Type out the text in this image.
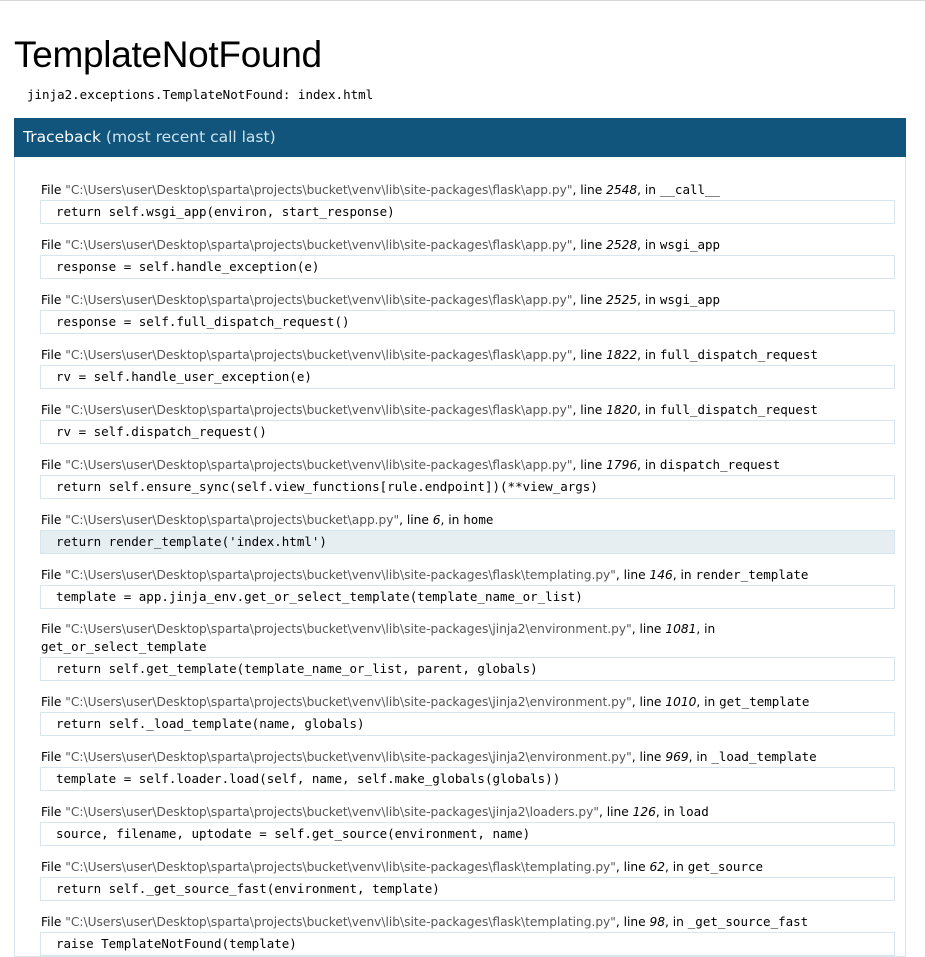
TemplateNotFound
jinja2.exceptions.TemplateNotFound: index.html
Traceback (most recent call last)
File "C:\Users\user\Desktop\sparta\projects\bucket\venv\lib\site-packages\flask\app.py", line 2548, in __call__
return self.wsgi_app(environ, start_response)
File "C:\Users\user\Desktop\sparta\projects\bucket\venv\lib\site-packages\flask\app.py", line 2528, in wsgi_app
response = self.handle_exception(e)
File "C:\Users\user\Desktop\sparta\projects\bucket\venv\lib\site-packages\flask\app.py", line 2525, in wsgi_app
response = self.full_dispatch_request()
File "C:\Users\user\Desktop\sparta\projects\bucket\venv\lib\site-packages\flask\app.py", line 1822, in full_dispatch_request
rv = self.handle_user_exception(e)
File "C:\Users\user\Desktop\sparta\projects\bucket\venv\lib\site-packages\flask\app.py", line 1820, in full_dispatch_request
rv = self.dispatch_request()
File "C:\Users\user\Desktop\sparta\projects\bucket\venv\lib\site-packages\flask\app.py", line 1796, in dispatch_request
return self.ensure_sync(self.view_functions[rule.endpoint])(**view_args)
File "C:\Users\user\Desktop\sparta\projects\bucket\app.py", line 6, in home
return render_template('index.html')
File "C:\Users\user\Desktop\sparta\projects\bucket\venv\lib\site-packages\flask\templating.py", line 146, in render_template
template = app.jinja_env.get_or_select_template(template_name_or_list)
File "C:\Users\user\Desktop\sparta\projects\bucket\venv\lib\site-packages\jinja2\environment.py", line 1081, in get_or_select_template
return self.get_template(template_name_or_list, parent, globals)
File "C:\Users\user\Desktop\sparta\projects\bucket\venv\lib\site-packages\jinja2\environment.py", line 1010, in get_template
return self._load_template(name, globals)
File "C:\Users\user\Desktop\sparta\projects\bucket\venv\lib\site-packages\jinja2\environment.py", line 969, in _load_template
template = self.loader.load(self, name, self.make_globals(globals))
File "C:\Users\user\Desktop\sparta\projects\bucket\venv\lib\site-packages\jinja2\loaders.py", line 126, in load
source, filename, uptodate = self.get_source(environment, name)
File "C:\Users\user\Desktop\sparta\projects\bucket\venv\lib\site-packages\flask\templating.py", line 62, in get_source
return self._get_source_fast(environment, template)
File "C:\Users\user\Desktop\sparta\projects\bucket\venv\lib\site-packages\flask\templating.py", line 98, in _get_source_fast
raise TemplateNotFound(template)
